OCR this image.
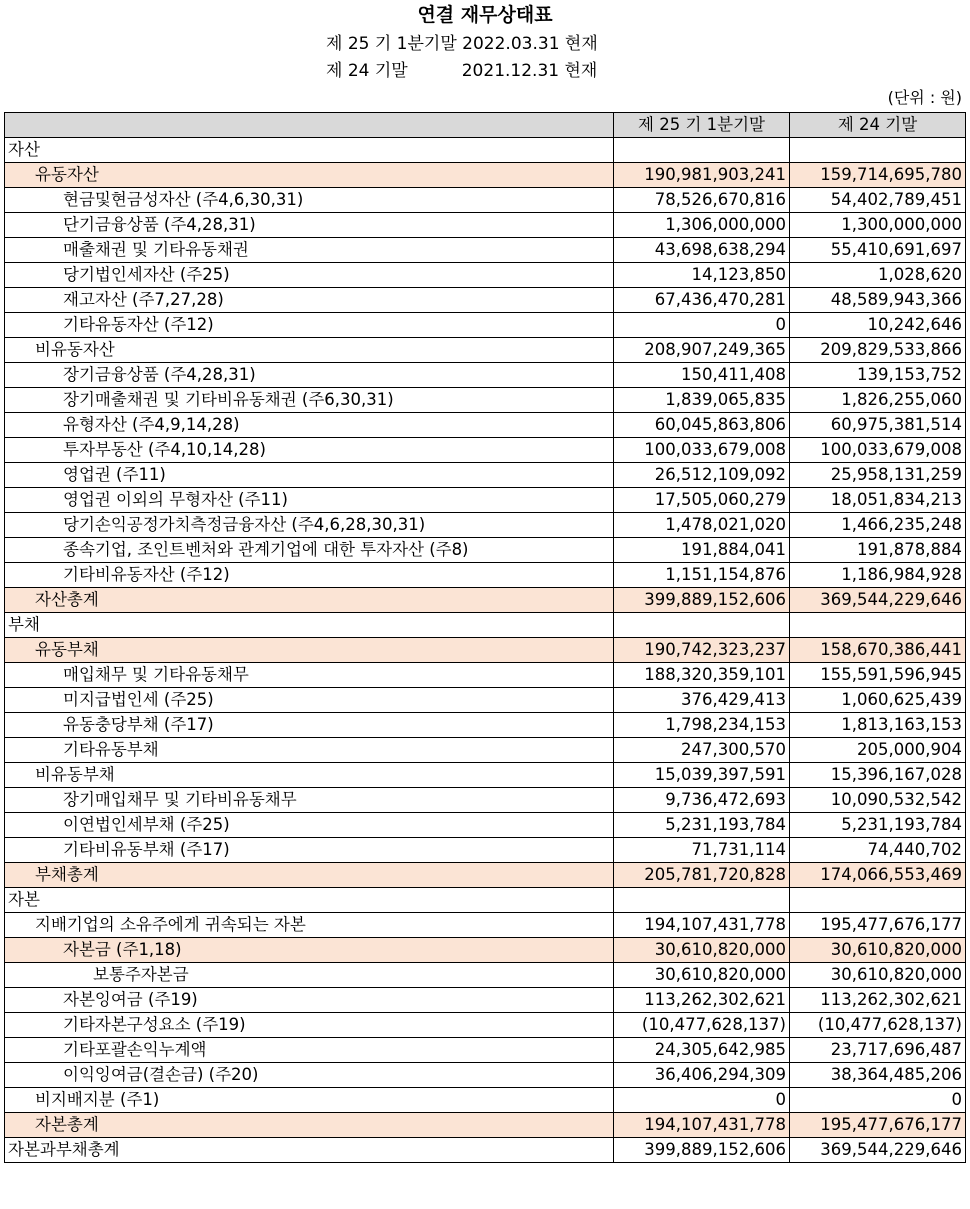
연결 재무상태표
제 25 기 1분기말 2022.03.31 현재
제 24 기말          2021.12.31 현재
(단위 : 원)
	제 25 기 1분기말	제 24 기말
자산		
유동자산	190,981,903,241	159,714,695,780
현금및현금성자산 (주4,6,30,31)	78,526,670,816	54,402,789,451
단기금융상품 (주4,28,31)	1,306,000,000	1,300,000,000
매출채권 및 기타유동채권	43,698,638,294	55,410,691,697
당기법인세자산 (주25)	14,123,850	1,028,620
재고자산 (주7,27,28)	67,436,470,281	48,589,943,366
기타유동자산 (주12)	0	10,242,646
비유동자산	208,907,249,365	209,829,533,866
장기금융상품 (주4,28,31)	150,411,408	139,153,752
장기매출채권 및 기타비유동채권 (주6,30,31)	1,839,065,835	1,826,255,060
유형자산 (주4,9,14,28)	60,045,863,806	60,975,381,514
투자부동산 (주4,10,14,28)	100,033,679,008	100,033,679,008
영업권 (주11)	26,512,109,092	25,958,131,259
영업권 이외의 무형자산 (주11)	17,505,060,279	18,051,834,213
당기손익공정가치측정금융자산 (주4,6,28,30,31)	1,478,021,020	1,466,235,248
종속기업, 조인트벤처와 관계기업에 대한 투자자산 (주8)	191,884,041	191,878,884
기타비유동자산 (주12)	1,151,154,876	1,186,984,928
자산총계	399,889,152,606	369,544,229,646
부채		
유동부채	190,742,323,237	158,670,386,441
매입채무 및 기타유동채무	188,320,359,101	155,591,596,945
미지급법인세 (주25)	376,429,413	1,060,625,439
유동충당부채 (주17)	1,798,234,153	1,813,163,153
기타유동부채	247,300,570	205,000,904
비유동부채	15,039,397,591	15,396,167,028
장기매입채무 및 기타비유동채무	9,736,472,693	10,090,532,542
이연법인세부채 (주25)	5,231,193,784	5,231,193,784
기타비유동부채 (주17)	71,731,114	74,440,702
부채총계	205,781,720,828	174,066,553,469
자본		
지배기업의 소유주에게 귀속되는 자본	194,107,431,778	195,477,676,177
자본금 (주1,18)	30,610,820,000	30,610,820,000
보통주자본금	30,610,820,000	30,610,820,000
자본잉여금 (주19)	113,262,302,621	113,262,302,621
기타자본구성요소 (주19)	(10,477,628,137)	(10,477,628,137)
기타포괄손익누계액	24,305,642,985	23,717,696,487
이익잉여금(결손금) (주20)	36,406,294,309	38,364,485,206
비지배지분 (주1)	0	0
자본총계	194,107,431,778	195,477,676,177
자본과부채총계	399,889,152,606	369,544,229,646
